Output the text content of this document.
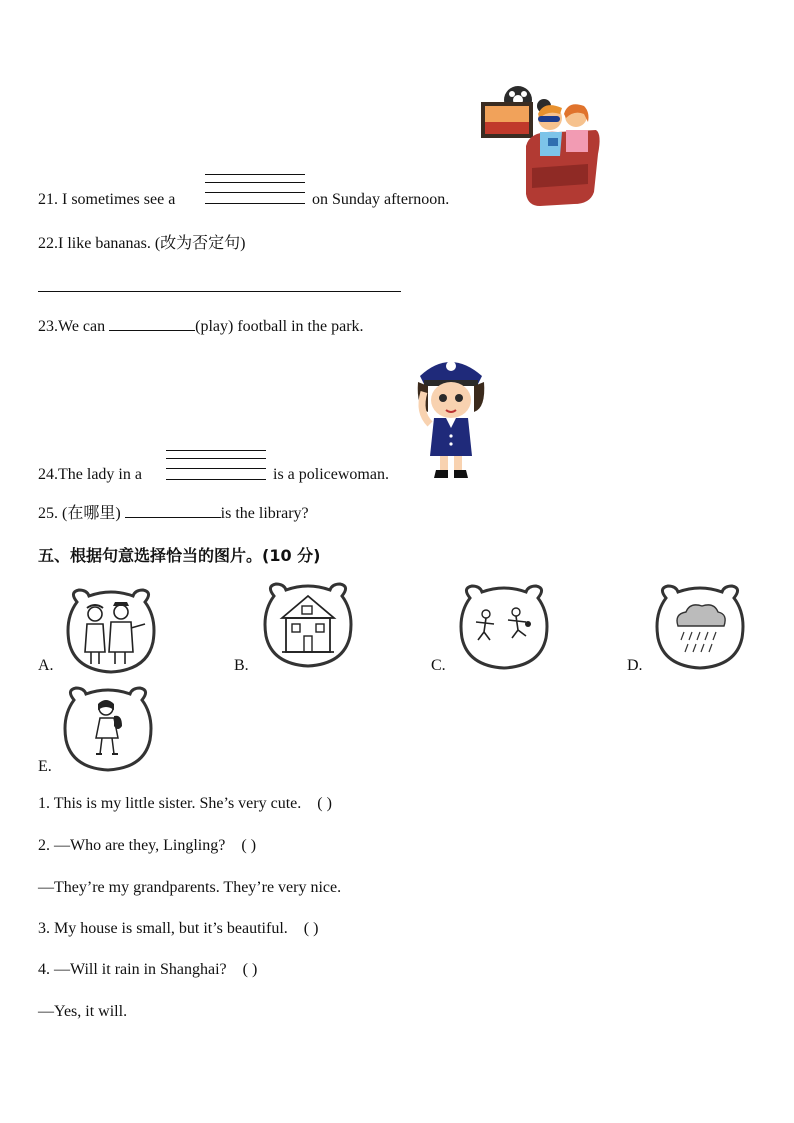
21. I sometimes see a	on Sunday afternoon.
22.I like bananas. (改为否定句)
23.We can	(play) football in the park.
24.The lady in a	is a policewoman.
25. (在哪里)	is the library?
五、根据句意选择恰当的图片。(10 分)
A.	B.	C.	D.
E.
1. This is my little sister. She’s very cute. ( )
2. —Who are they, Lingling? ( )
—They’re my grandparents. They’re very nice.
3. My house is small, but it’s beautiful. ( )
4. —Will it rain in Shanghai? ( )
—Yes, it will.
